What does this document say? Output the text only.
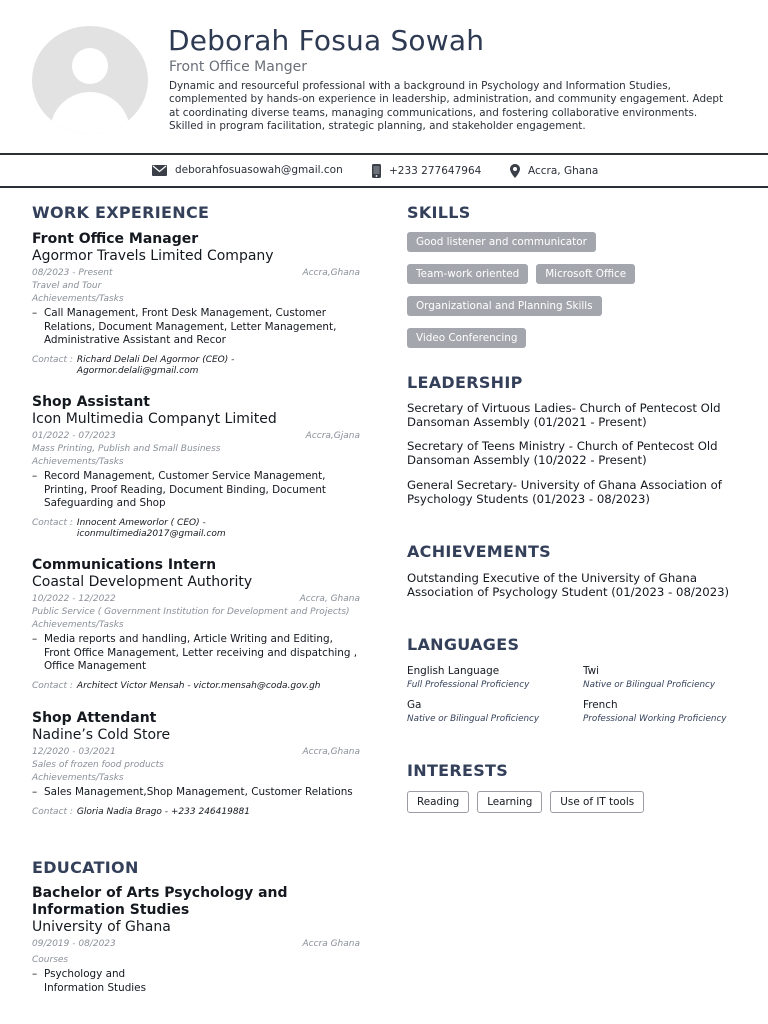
Deborah Fosua Sowah
Front Office Manger
Dynamic and resourceful professional with a background in Psychology and Information Studies, complemented by hands-on experience in leadership, administration, and community engagement. Adept at coordinating diverse teams, managing communications, and fostering collaborative environments. Skilled in program facilitation, strategic planning, and stakeholder engagement.
deborahfosuasowah@gmail.con	+233 277647964	Accra, Ghana
WORK EXPERIENCE
Front Office Manager
Agormor Travels Limited Company
08/2023 - Present	Accra,Ghana
Travel and Tour
Achievements/Tasks
– Call Management, Front Desk Management, Customer Relations, Document Management, Letter Management, Administrative Assistant and Recor
Contact : Richard Delali Del Agormor (CEO) - Agormor.delali@gmail.com
Shop Assistant
Icon Multimedia Companyt Limited
01/2022 - 07/2023	Accra,Gjana
Mass Printing, Publish and Small Business
Achievements/Tasks
– Record Management, Customer Service Management, Printing, Proof Reading, Document Binding, Document Safeguarding and Shop
Contact : Innocent Ameworlor ( CEO) - iconmultimedia2017@gmail.com
Communications Intern
Coastal Development Authority
10/2022 - 12/2022	Accra, Ghana
Public Service ( Government Institution for Development and Projects)
Achievements/Tasks
– Media reports and handling, Article Writing and Editing, Front Office Management, Letter receiving and dispatching , Office Management
Contact : Architect Victor Mensah - victor.mensah@coda.gov.gh
Shop Attendant
Nadine’s Cold Store
12/2020 - 03/2021	Accra,Ghana
Sales of frozen food products
Achievements/Tasks
– Sales Management,Shop Management, Customer Relations
Contact : Gloria Nadia Brago - +233 246419881
EDUCATION
Bachelor of Arts Psychology and Information Studies
University of Ghana
09/2019 - 08/2023	Accra Ghana
Courses
– Psychology and Information Studies
SKILLS
Good listener and communicator
Team-work oriented	Microsoft Office
Organizational and Planning Skills
Video Conferencing
LEADERSHIP
Secretary of Virtuous Ladies- Church of Pentecost Old Dansoman Assembly (01/2021 - Present)
Secretary of Teens Ministry - Church of Pentecost Old Dansoman Assembly (10/2022 - Present)
General Secretary- University of Ghana Association of Psychology Students (01/2023 - 08/2023)
ACHIEVEMENTS
Outstanding Executive of the University of Ghana Association of Psychology Student (01/2023 - 08/2023)
LANGUAGES
English Language
Full Professional Proficiency
Twi
Native or Bilingual Proficiency
Ga
Native or Bilingual Proficiency
French
Professional Working Proficiency
INTERESTS
Reading	Learning	Use of IT tools
